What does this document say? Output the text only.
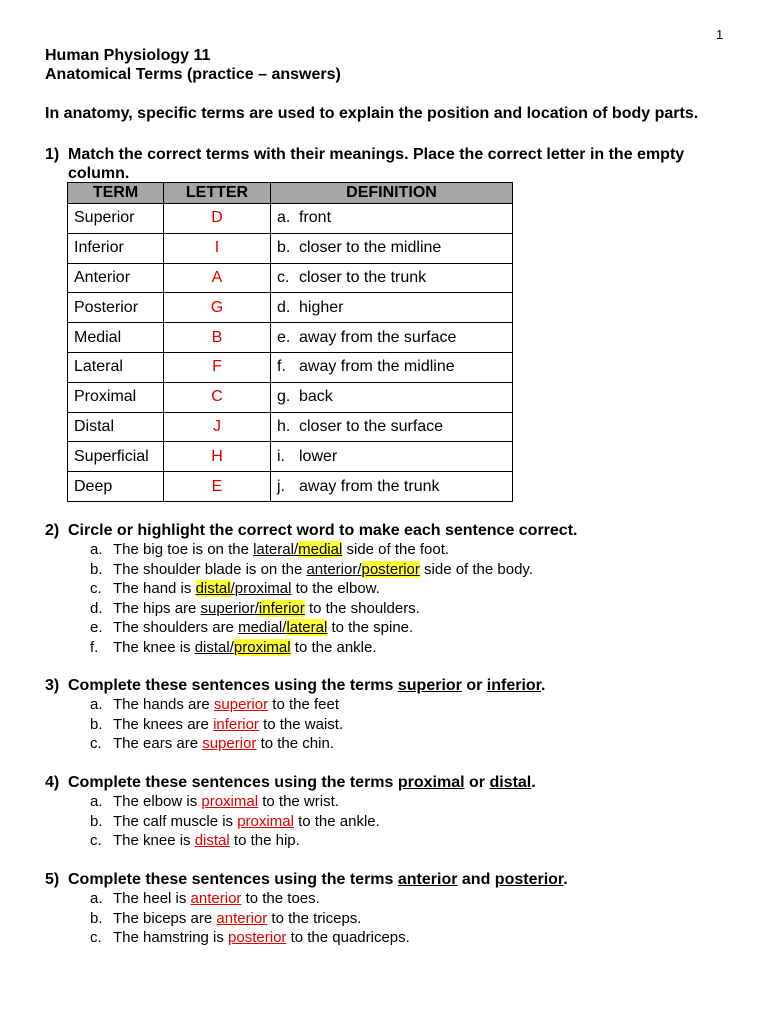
1
Human Physiology 11
Anatomical Terms (practice – answers)
In anatomy, specific terms are used to explain the position and location of body parts.
1) Match the correct terms with their meanings. Place the correct letter in the empty
column.
TERM	LETTER	DEFINITION
Superior	D	a. front
Inferior	I	b. closer to the midline
Anterior	A	c. closer to the trunk
Posterior	G	d. higher
Medial	B	e. away from the surface
Lateral	F	f. away from the midline
Proximal	C	g. back
Distal	J	h. closer to the surface
Superficial	H	i. lower
Deep	E	j. away from the trunk
2) Circle or highlight the correct word to make each sentence correct.
a. The big toe is on the lateral/medial side of the foot.
b. The shoulder blade is on the anterior/posterior side of the body.
c. The hand is distal/proximal to the elbow.
d. The hips are superior/inferior to the shoulders.
e. The shoulders are medial/lateral to the spine.
f. The knee is distal/proximal to the ankle.
3) Complete these sentences using the terms superior or inferior.
a. The hands are superior to the feet
b. The knees are inferior to the waist.
c. The ears are superior to the chin.
4) Complete these sentences using the terms proximal or distal.
a. The elbow is proximal to the wrist.
b. The calf muscle is proximal to the ankle.
c. The knee is distal to the hip.
5) Complete these sentences using the terms anterior and posterior.
a. The heel is anterior to the toes.
b. The biceps are anterior to the triceps.
c. The hamstring is posterior to the quadriceps.
